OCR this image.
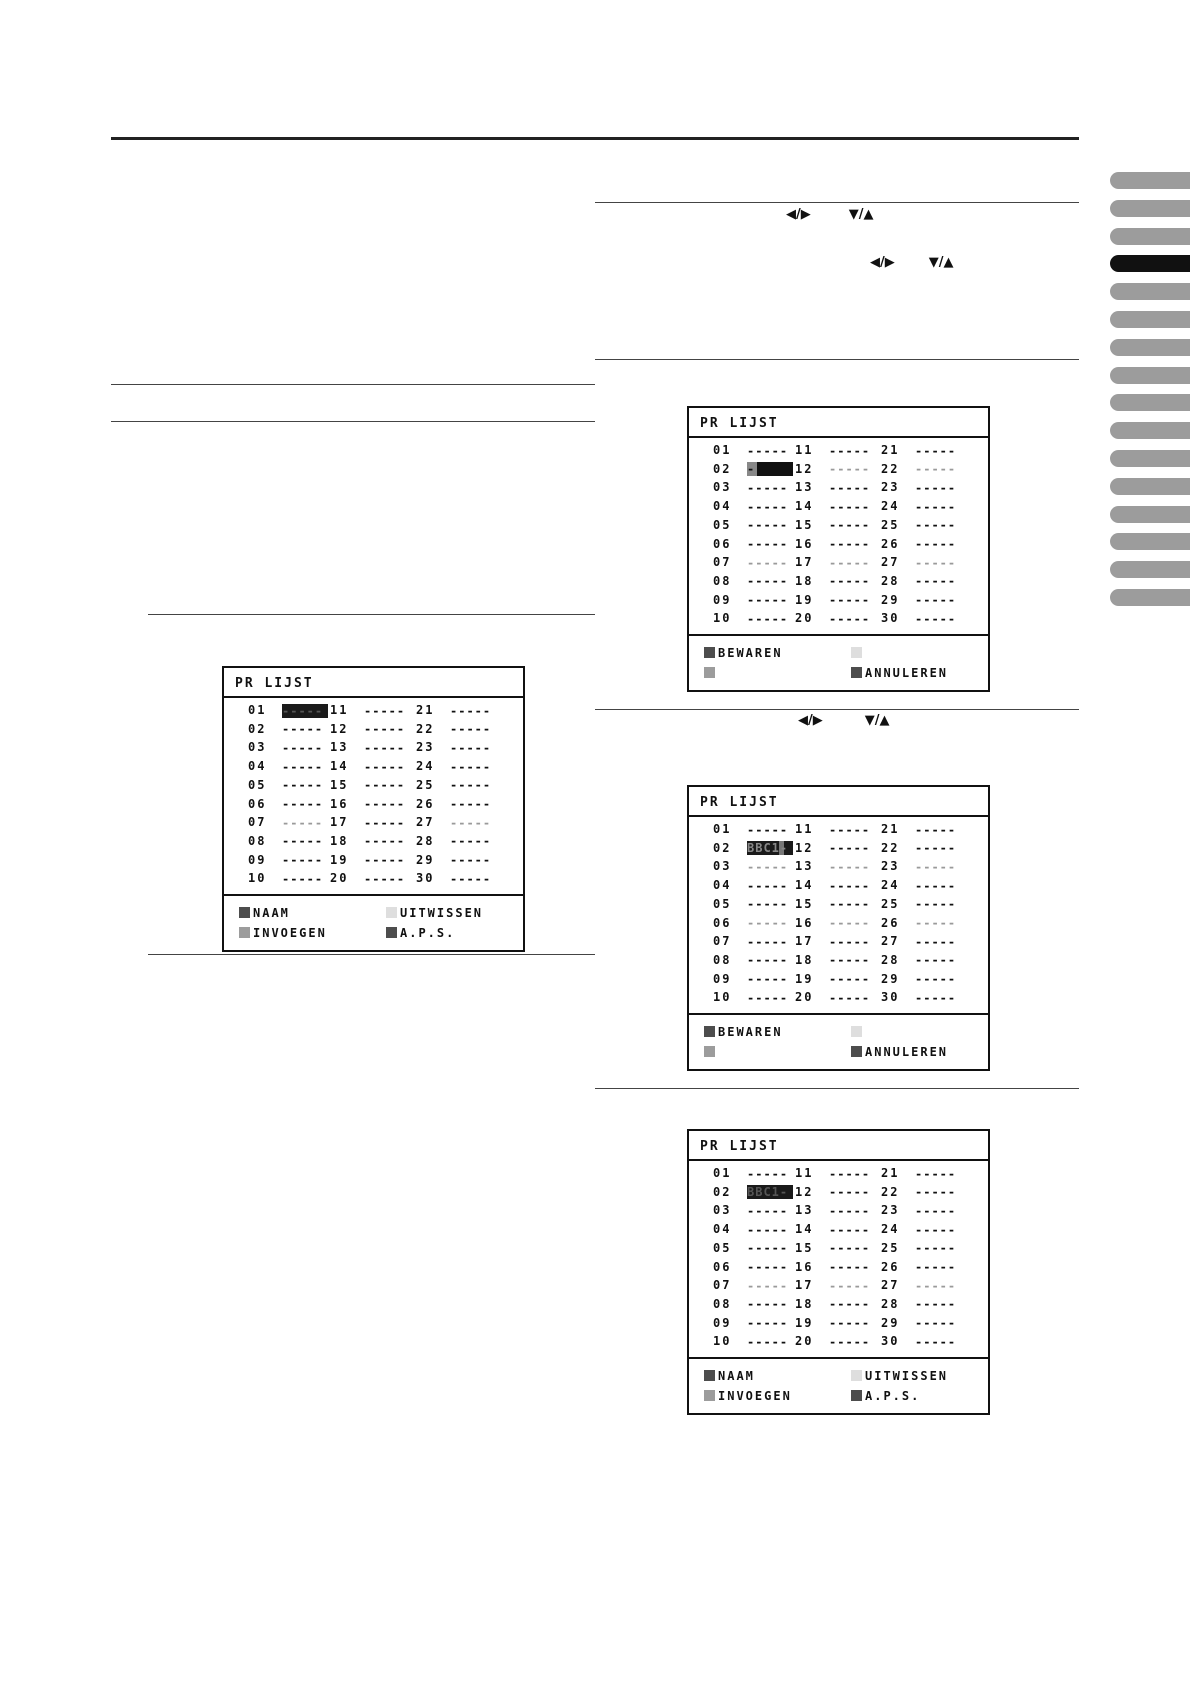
◀/▶	▼/▲
◀/▶	▼/▲
◀/▶	▼/▲
PR LIJST
01 ----- 11 ----- 21 -----
02 ----- 12 ----- 22 -----
03 ----- 13 ----- 23 -----
04 ----- 14 ----- 24 -----
05 ----- 15 ----- 25 -----
06 ----- 16 ----- 26 -----
07 ----- 17 ----- 27 -----
08 ----- 18 ----- 28 -----
09 ----- 19 ----- 29 -----
10 ----- 20 ----- 30 -----
NAAM	UITWISSEN
INVOEGEN	A.P.S.
PR LIJST
01 ----- 11 ----- 21 -----
02 -	12 ----- 22 -----
03 ----- 13 ----- 23 -----
04 ----- 14 ----- 24 -----
05 ----- 15 ----- 25 -----
06 ----- 16 ----- 26 -----
07 ----- 17 ----- 27 -----
08 ----- 18 ----- 28 -----
09 ----- 19 ----- 29 -----
10 ----- 20 ----- 30 -----
BEWAREN
ANNULEREN
PR LIJST
01 ----- 11 ----- 21 -----
02 BBC1- 12 ----- 22 -----
03 ----- 13 ----- 23 -----
04 ----- 14 ----- 24 -----
05 ----- 15 ----- 25 -----
06 ----- 16 ----- 26 -----
07 ----- 17 ----- 27 -----
08 ----- 18 ----- 28 -----
09 ----- 19 ----- 29 -----
10 ----- 20 ----- 30 -----
BEWAREN
ANNULEREN
PR LIJST
01 ----- 11 ----- 21 -----
02 BBC1- 12 ----- 22 -----
03 ----- 13 ----- 23 -----
04 ----- 14 ----- 24 -----
05 ----- 15 ----- 25 -----
06 ----- 16 ----- 26 -----
07 ----- 17 ----- 27 -----
08 ----- 18 ----- 28 -----
09 ----- 19 ----- 29 -----
10 ----- 20 ----- 30 -----
NAAM	UITWISSEN
INVOEGEN	A.P.S.
